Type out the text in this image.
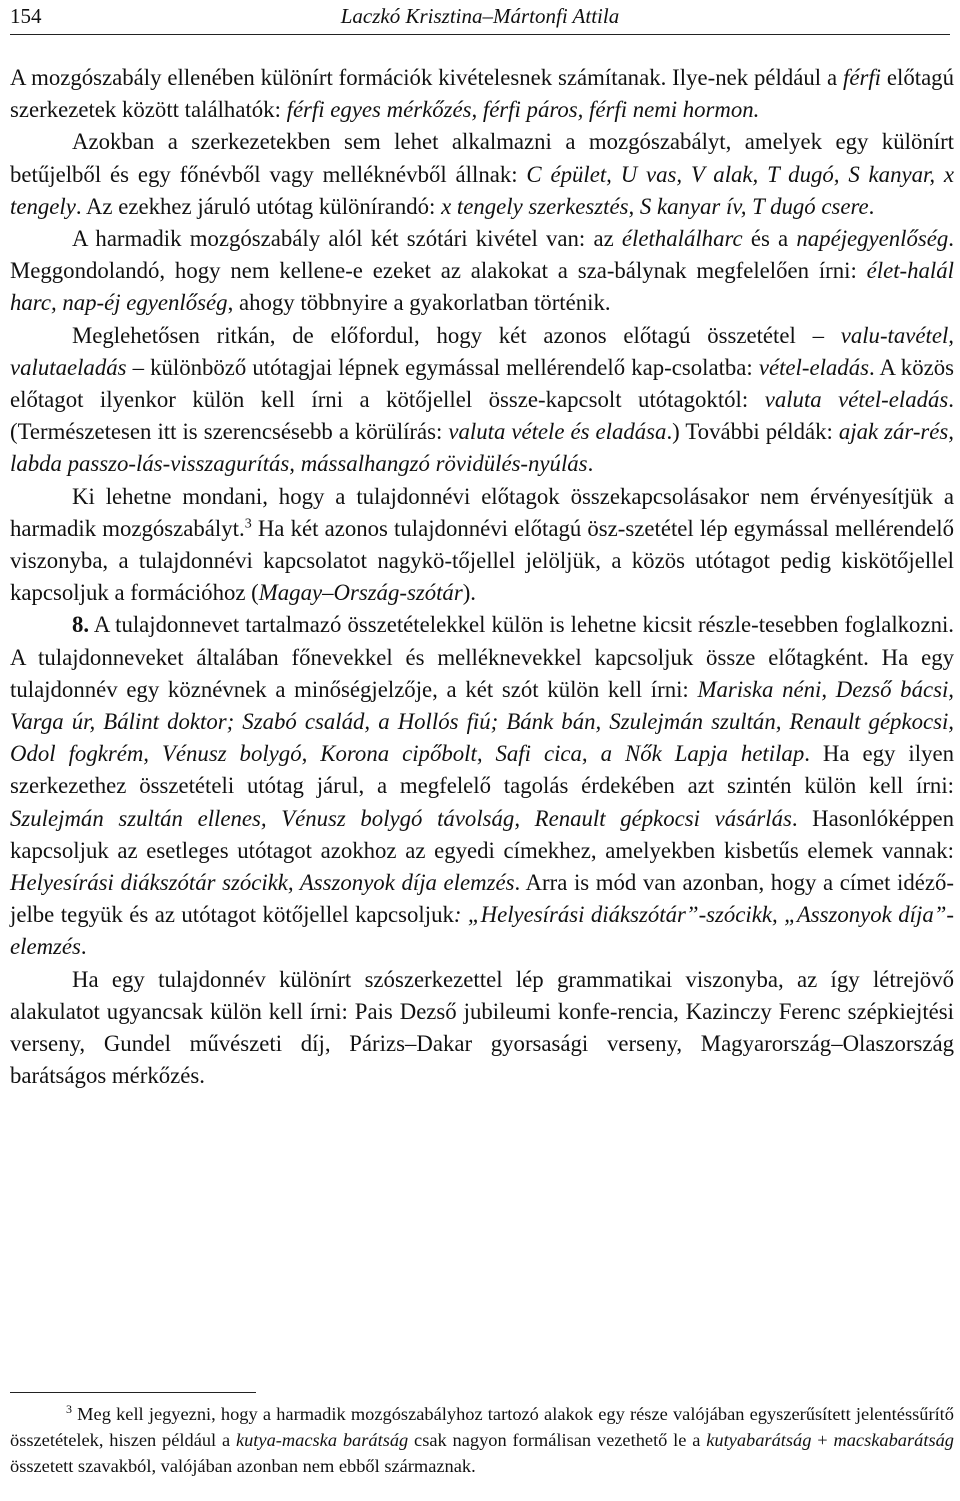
154	Laczkó Krisztina–Mártonfi Attila

A mozgószabály ellenében különírt formációk kivételesnek számítanak. Ilye-nek például a férfi előtagú szerkezetek között találhatók: férfi egyes mérkőzés, férfi páros, férfi nemi hormon.

Azokban a szerkezetekben sem lehet alkalmazni a mozgószabályt, amelyek egy különírt betűjelből és egy főnévből vagy melléknévből állnak: C épület, U vas, V alak, T dugó, S kanyar, x tengely. Az ezekhez járuló utótag különírandó: x tengely szerkesztés, S kanyar ív, T dugó csere.

A harmadik mozgószabály alól két szótári kivétel van: az élethalálharc és a napéjegyenlőség. Meggondolandó, hogy nem kellene-e ezeket az alakokat a sza-bálynak megfelelően írni: élet-halál harc, nap-éj egyenlőség, ahogy többnyire a gyakorlatban történik.

Meglehetősen ritkán, de előfordul, hogy két azonos előtagú összetétel – valu-tavétel, valutaeladás – különböző utótagjai lépnek egymással mellérendelő kap-csolatba: vétel-eladás. A közös előtagot ilyenkor külön kell írni a kötőjellel össze-kapcsolt utótagoktól: valuta vétel-eladás. (Természetesen itt is szerencsésebb a körülírás: valuta vétele és eladása.) További példák: ajak zár-rés, labda passzo-lás-visszagurítás, mássalhangzó rövidülés-nyúlás.

Ki lehetne mondani, hogy a tulajdonnévi előtagok összekapcsolásakor nem érvényesítjük a harmadik mozgószabályt.$^3$ Ha két azonos tulajdonnévi előtagú ösz-szetétel lép egymással mellérendelő viszonyba, a tulajdonnévi kapcsolatot nagykö-tőjellel jelöljük, a közös utótagot pedig kiskötőjellel kapcsoljuk a formációhoz (Magay–Ország-szótár).

8. A tulajdonnevet tartalmazó összetételekkel külön is lehetne kicsit részle-tesebben foglalkozni. A tulajdonneveket általában főnevekkel és melléknevekkel kapcsoljuk össze előtagként. Ha egy tulajdonnév egy köznévnek a minőségjelzője, a két szót külön kell írni: Mariska néni, Dezső bácsi, Varga úr, Bálint doktor; Szabó család, a Hollós fiú; Bánk bán, Szulejmán szultán, Renault gépkocsi, Odol fogkrém, Vénusz bolygó, Korona cipőbolt, Safi cica, a Nők Lapja hetilap. Ha egy ilyen szerkezethez összetételi utótag járul, a megfelelő tagolás érdekében azt szintén külön kell írni: Szulejmán szultán ellenes, Vénusz bolygó távolság, Renault gépkocsi vásárlás. Hasonlóképpen kapcsoljuk az esetleges utótagot azokhoz az egyedi címekhez, amelyekben kisbetűs elemek vannak: Helyesírási diákszótár szócikk, Asszonyok díja elemzés. Arra is mód van azonban, hogy a címet idéző-jelbe tegyük és az utótagot kötőjellel kapcsoljuk: „Helyesírási diákszótár”-szócikk, „Asszonyok díja”-elemzés.

Ha egy tulajdonnév különírt szószerkezettel lép grammatikai viszonyba, az így létrejövő alakulatot ugyancsak külön kell írni: Pais Dezső jubileumi konfe-rencia, Kazinczy Ferenc szépkiejtési verseny, Gundel művészeti díj, Párizs–Dakar gyorsasági verseny, Magyarország–Olaszország barátságos mérkőzés.

$^3$ Meg kell jegyezni, hogy a harmadik mozgószabályhoz tartozó alakok egy része valójában egyszerűsített jelentéssűrítő összetételek, hiszen például a kutya-macska barátság csak nagyon formálisan vezethető le a kutyabarátság + macskabarátság összetett szavakból, valójában azonban nem ebből származnak.
